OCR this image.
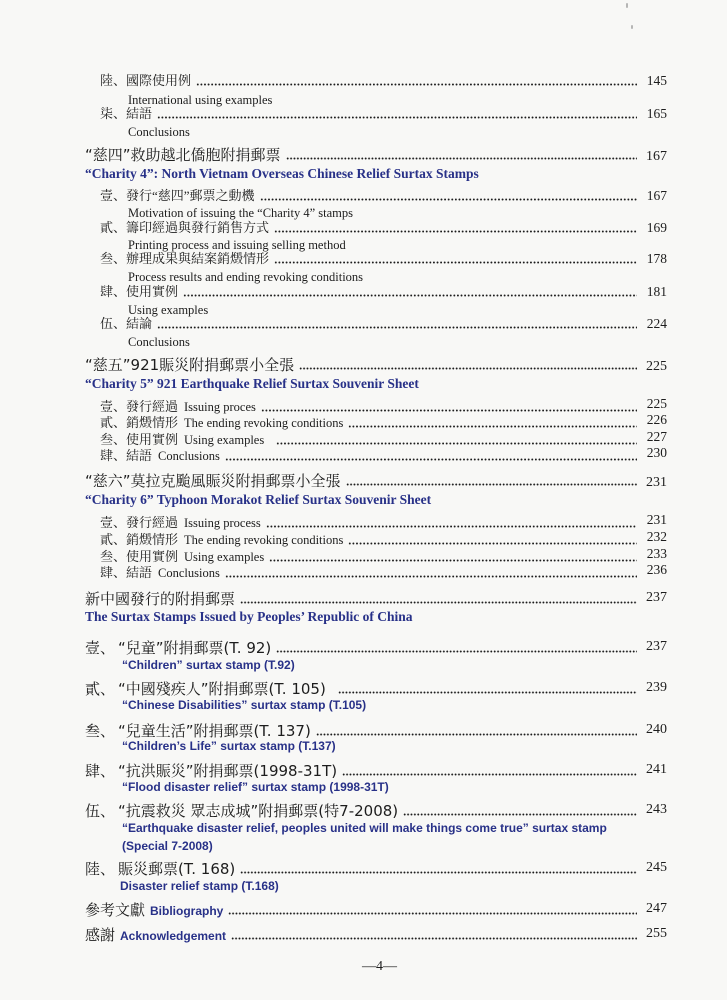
陸、國際使用例	145
International using examples
柒、結語	165
Conclusions
“慈四”救助越北僑胞附捐郵票	167
“Charity 4”: North Vietnam Overseas Chinese Relief Surtax Stamps
壹、發行“慈四”郵票之動機	167
Motivation of issuing the “Charity 4” stamps
貳、籌印經過與發行銷售方式	169
Printing process and issuing selling method
叁、辦理成果與結案銷燬情形	178
Process results and ending revoking conditions
肆、使用實例	181
Using examples
伍、結論	224
Conclusions
“慈五”921賑災附捐郵票小全張	225
“Charity 5” 921 Earthquake Relief Surtax Souvenir Sheet
壹、發行經過 Issuing proces	225
貳、銷燬情形 The ending revoking conditions	226
叁、使用實例 Using examples	227
肆、結語 Conclusions	230
“慈六”莫拉克颱風賑災附捐郵票小全張	231
“Charity 6” Typhoon Morakot Relief Surtax Souvenir Sheet
壹、發行經過 Issuing process	231
貳、銷燬情形 The ending revoking conditions	232
叁、使用實例 Using examples	233
肆、結語 Conclusions	236
新中國發行的附捐郵票	237
The Surtax Stamps Issued by Peoples’ Republic of China
壹、 “兒童”附捐郵票(T. 92)	237
“Children” surtax stamp (T.92)
貳、 “中國殘疾人”附捐郵票(T. 105)	239
“Chinese Disabilities” surtax stamp (T.105)
叁、 “兒童生活”附捐郵票(T. 137)	240
“Children’s Life” surtax stamp (T.137)
肆、 “抗洪賑災”附捐郵票(1998-31T)	241
“Flood disaster relief” surtax stamp (1998-31T)
伍、 “抗震救災 眾志成城”附捐郵票(特7-2008)	243
“Earthquake disaster relief, peoples united will make things come true” surtax stamp
(Special 7-2008)
陸、 賑災郵票(T. 168)	245
Disaster relief stamp (T.168)
參考文獻 Bibliography	247
感謝 Acknowledgement	255
—4—
